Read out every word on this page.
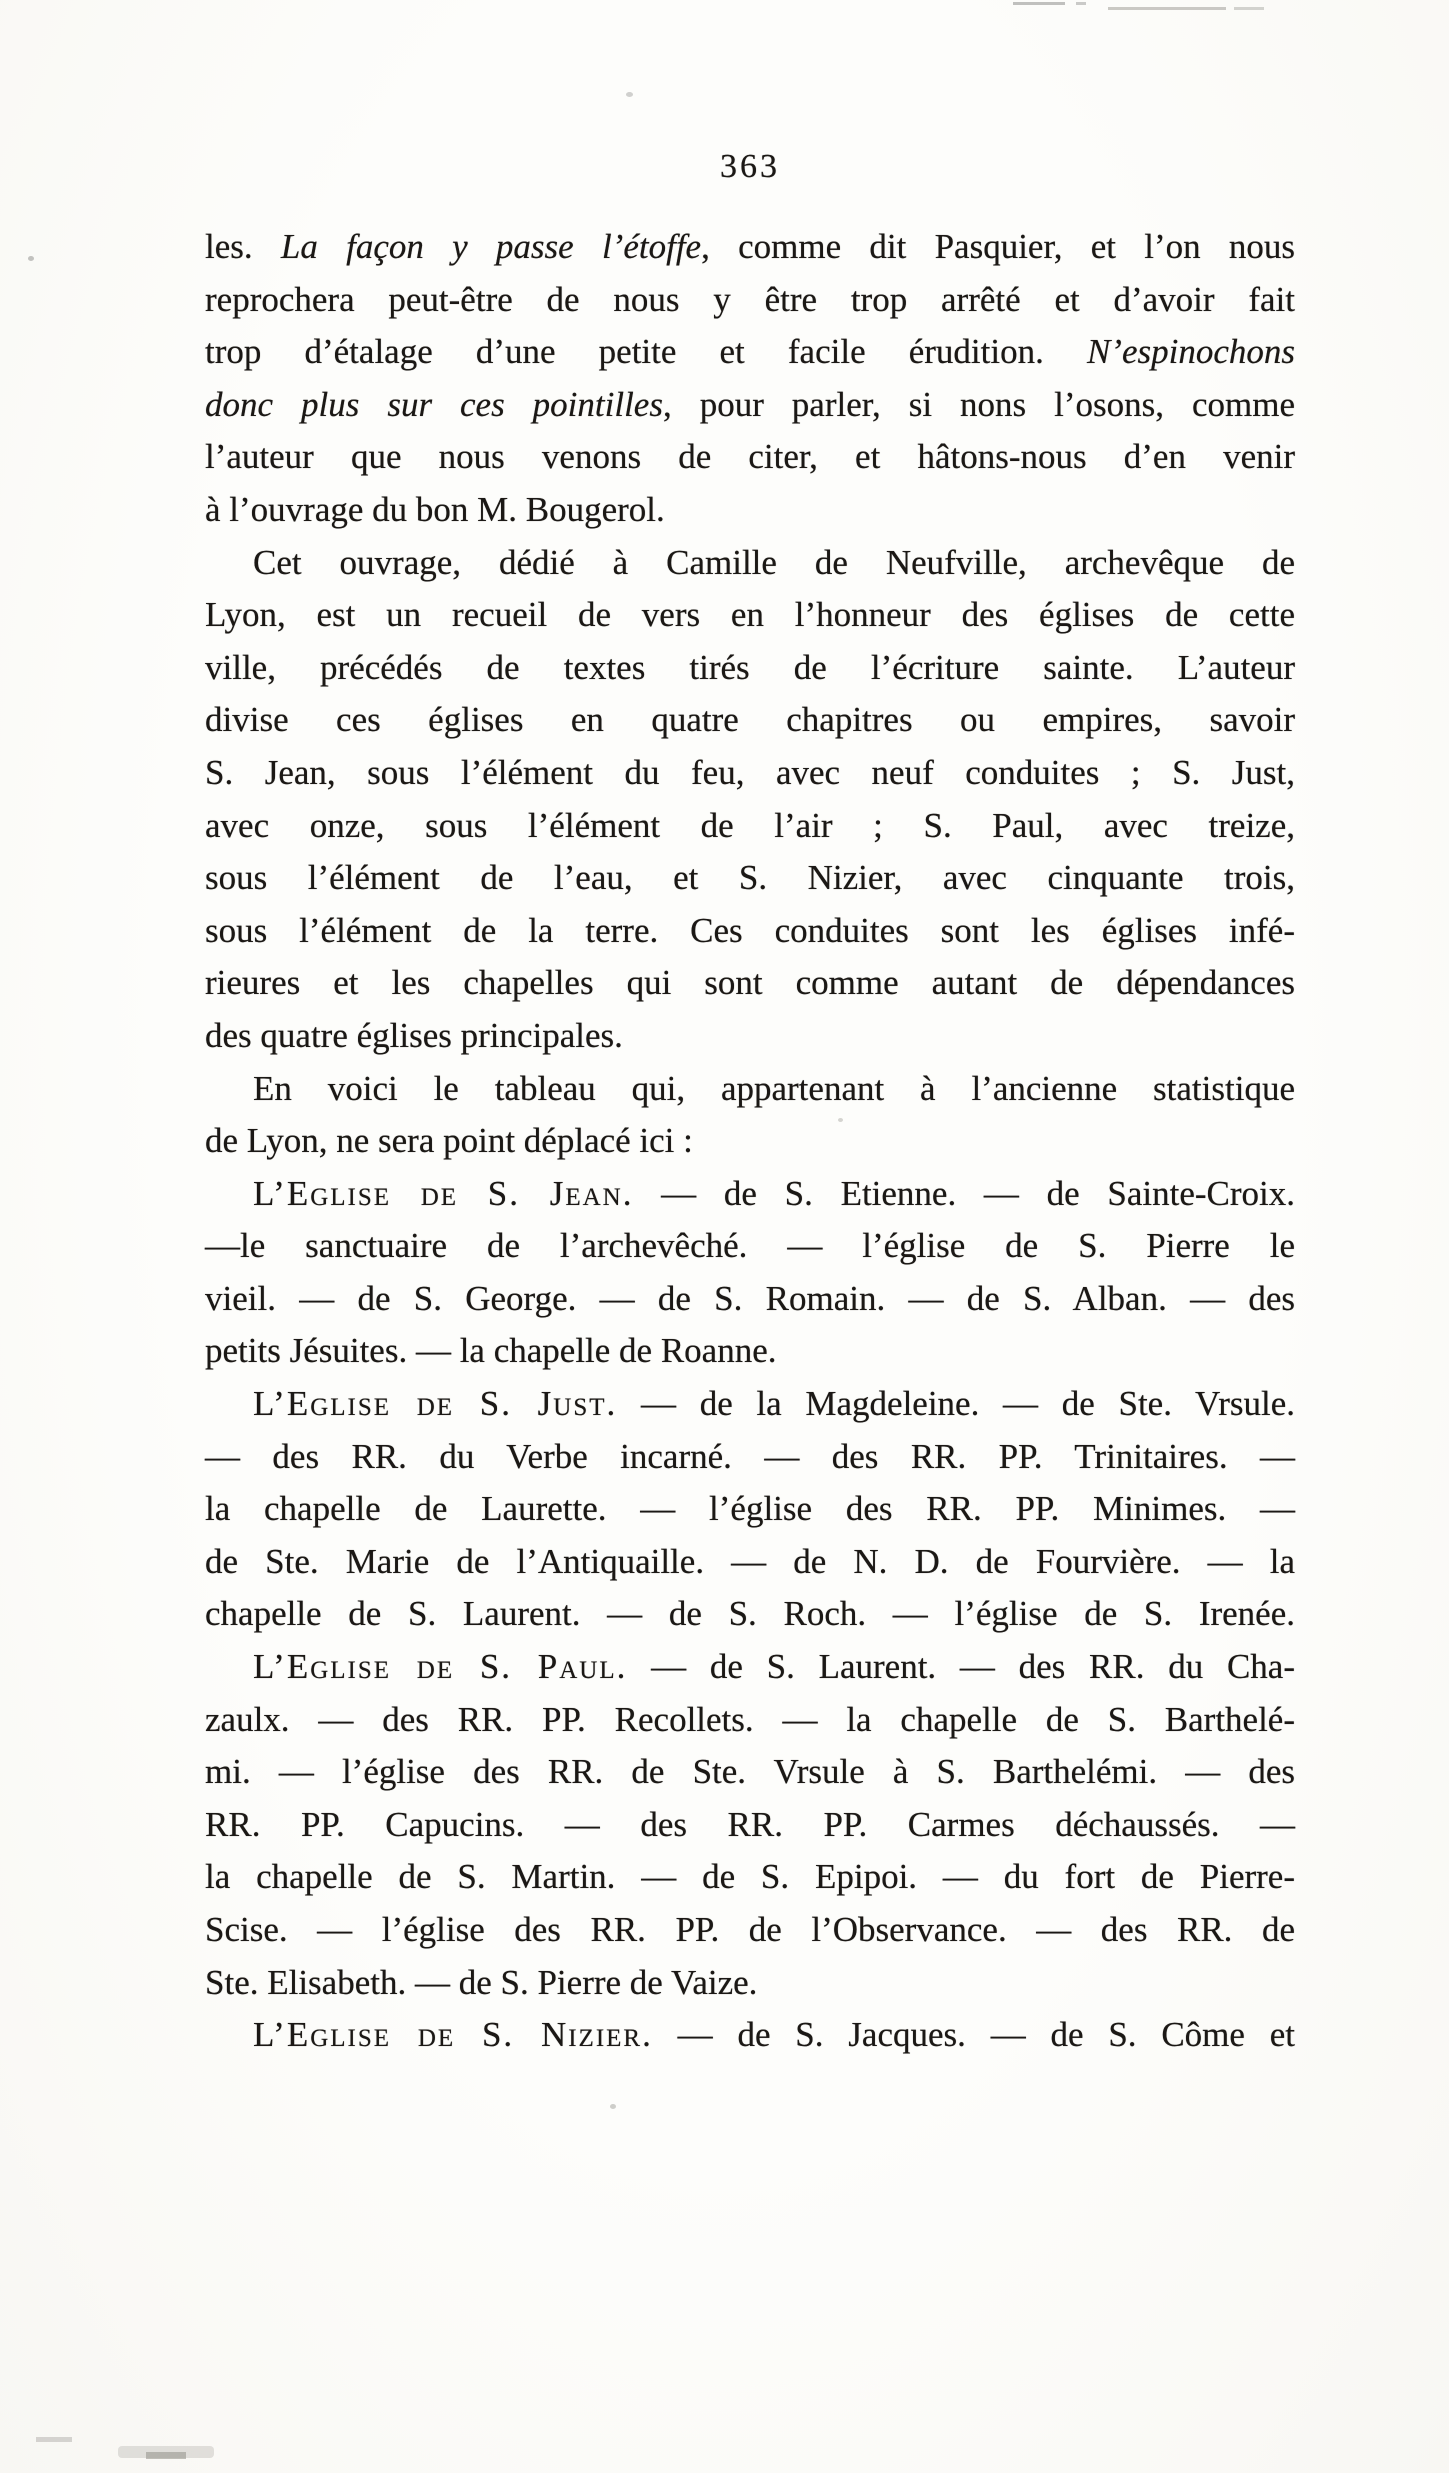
363
les. La façon y passe l’étoffe, comme dit Pasquier, et l’on nous
reprochera peut-être de nous y être trop arrêté et d’avoir fait
trop d’étalage d’une petite et facile érudition. N’espinochons
donc plus sur ces pointilles, pour parler, si nons l’osons, comme
l’auteur que nous venons de citer, et hâtons-nous d’en venir
à l’ouvrage du bon M. Bougerol.
Cet ouvrage, dédié à Camille de Neufville, archevêque de
Lyon, est un recueil de vers en l’honneur des églises de cette
ville, précédés de textes tirés de l’écriture sainte. L’auteur
divise ces églises en quatre chapitres ou empires, savoir
S. Jean, sous l’élément du feu, avec neuf conduites ; S. Just,
avec onze, sous l’élément de l’air ; S. Paul, avec treize,
sous l’élément de l’eau, et S. Nizier, avec cinquante trois,
sous l’élément de la terre. Ces conduites sont les églises infé-
rieures et les chapelles qui sont comme autant de dépendances
des quatre églises principales.
En voici le tableau qui, appartenant à l’ancienne statistique
de Lyon, ne sera point déplacé ici :
L’Eglise de S. Jean. — de S. Etienne. — de Sainte-Croix.
—le sanctuaire de l’archevêché. — l’église de S. Pierre le
vieil. — de S. George. — de S. Romain. — de S. Alban. — des
petits Jésuites. — la chapelle de Roanne.
L’Eglise de S. Just. — de la Magdeleine. — de Ste. Vrsule.
— des RR. du Verbe incarné. — des RR. PP. Trinitaires. —
la chapelle de Laurette. — l’église des RR. PP. Minimes. —
de Ste. Marie de l’Antiquaille. — de N. D. de Fourvière. — la
chapelle de S. Laurent. — de S. Roch. — l’église de S. Irenée.
L’Eglise de S. Paul. — de S. Laurent. — des RR. du Cha-
zaulx. — des RR. PP. Recollets. — la chapelle de S. Barthelé-
mi. — l’église des RR. de Ste. Vrsule à S. Barthelémi. — des
RR. PP. Capucins. — des RR. PP. Carmes déchaussés. —
la chapelle de S. Martin. — de S. Epipoi. — du fort de Pierre-
Scise. — l’église des RR. PP. de l’Observance. — des RR. de
Ste. Elisabeth. — de S. Pierre de Vaize.
L’Eglise de S. Nizier. — de S. Jacques. — de S. Côme et
